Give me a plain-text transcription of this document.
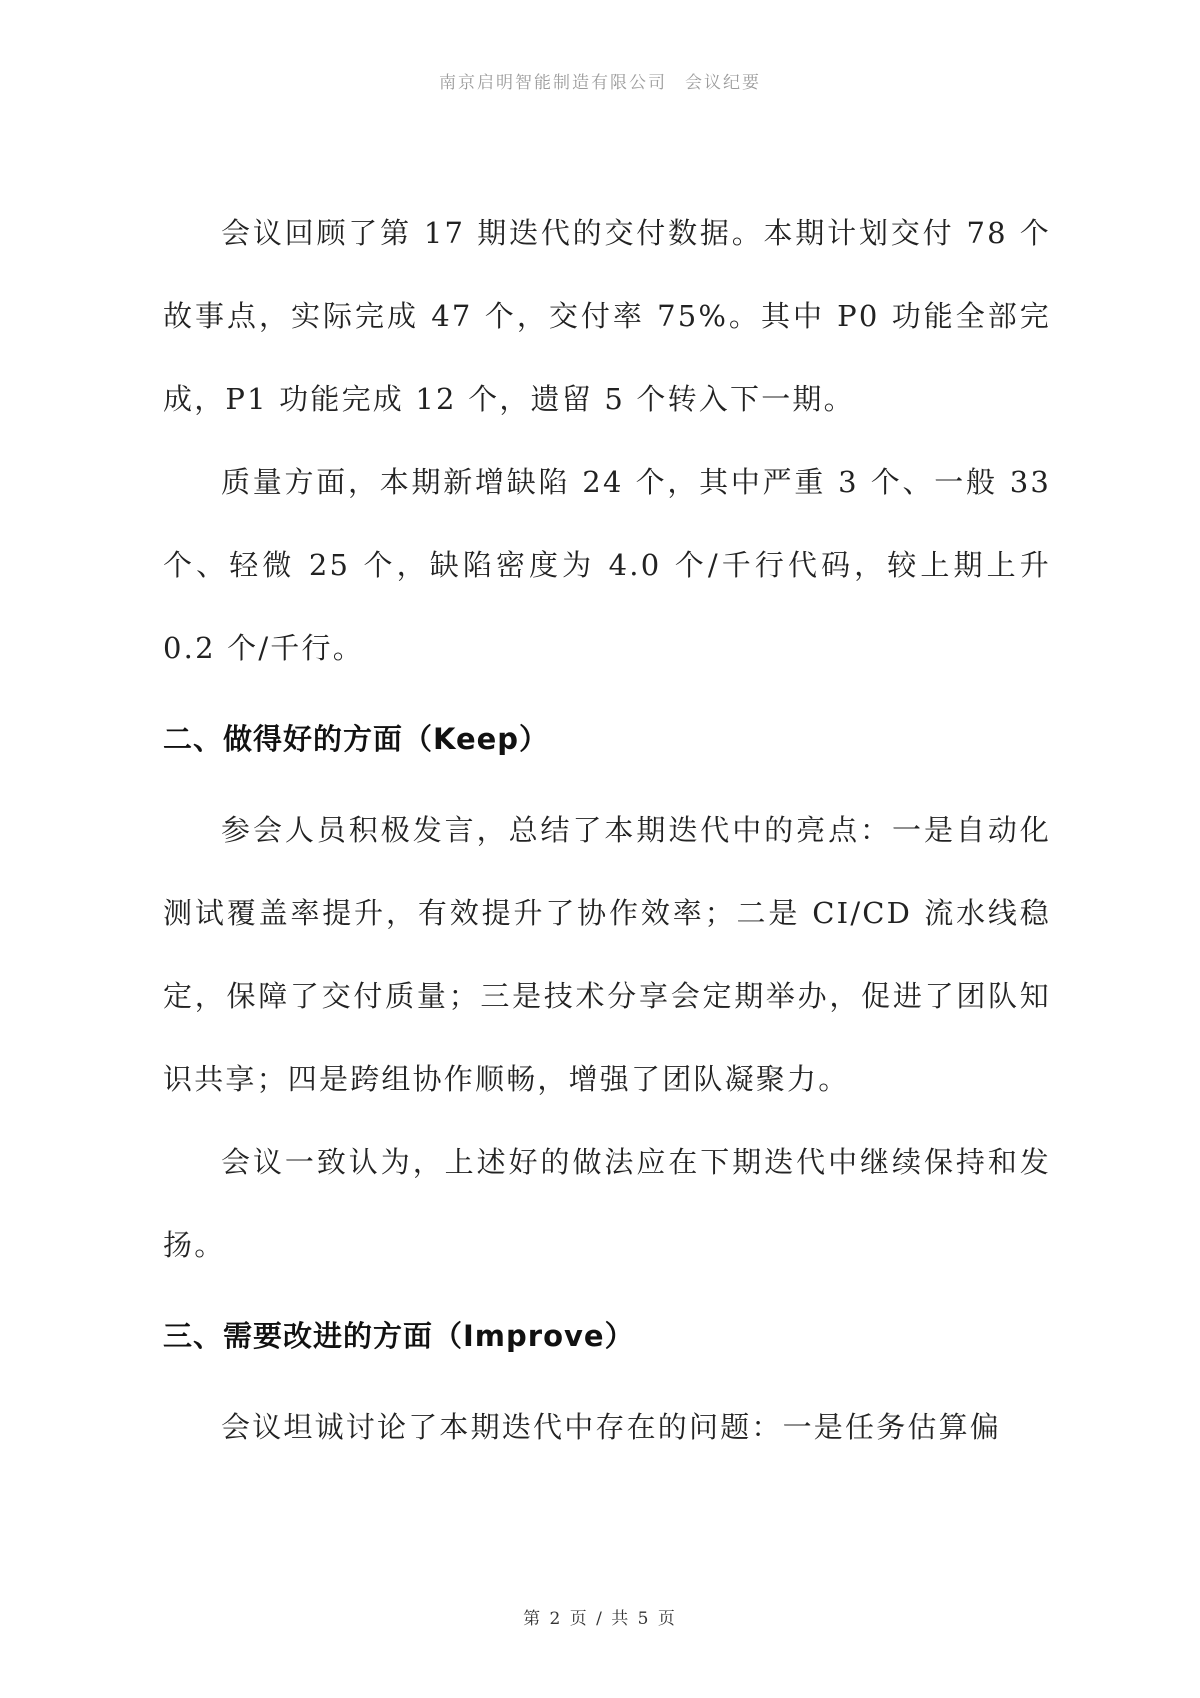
南京启明智能制造有限公司 会议纪要

会议回顾了第 17 期迭代的交付数据。本期计划交付 78 个故事点，实际完成 47 个，交付率 75%。其中 P0 功能全部完成，P1 功能完成 12 个，遗留 5 个转入下一期。

质量方面，本期新增缺陷 24 个，其中严重 3 个、一般 33 个、轻微 25 个，缺陷密度为 4.0 个/千行代码，较上期上升 0.2 个/千行。

二、做得好的方面（Keep）

参会人员积极发言，总结了本期迭代中的亮点：一是自动化测试覆盖率提升，有效提升了协作效率；二是 CI/CD 流水线稳定，保障了交付质量；三是技术分享会定期举办，促进了团队知识共享；四是跨组协作顺畅，增强了团队凝聚力。

会议一致认为，上述好的做法应在下期迭代中继续保持和发扬。

三、需要改进的方面（Improve）

会议坦诚讨论了本期迭代中存在的问题：一是任务估算偏

第 2 页 / 共 5 页
